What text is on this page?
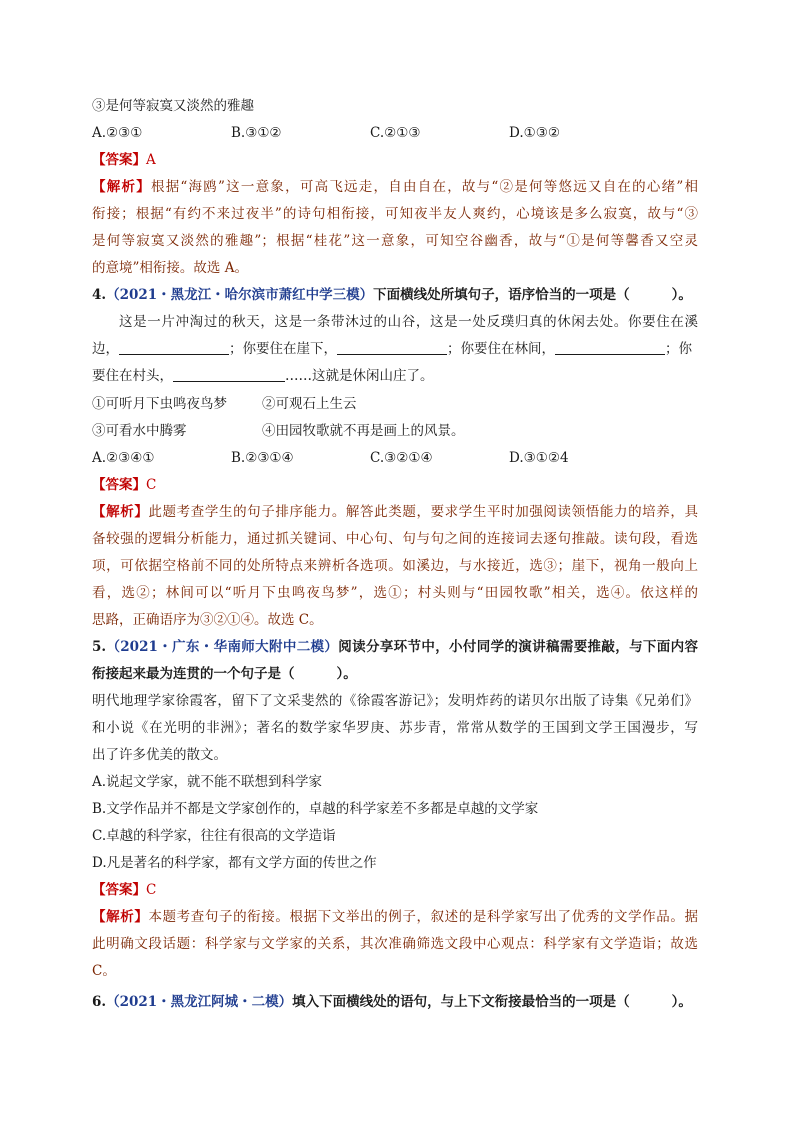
③是何等寂寞又淡然的雅趣
A.②③①	B.③①②	C.②①③	D.①③②
【答案】A
【解析】根据“海鸥”这一意象，可高飞远走，自由自在，故与“②是何等悠远又自在的心绪”相
衔接；根据“有约不来过夜半”的诗句相衔接，可知夜半友人爽约，心境该是多么寂寞，故与“③
是何等寂寞又淡然的雅趣”；根据“桂花”这一意象，可知空谷幽香，故与“①是何等馨香又空灵
的意境”相衔接。故选 A。
4.（2021・黑龙江・哈尔滨市萧红中学三模）下面横线处所填句子，语序恰当的一项是（	）。
这是一片冲淘过的秋天，这是一条带沐过的山谷，这是一处反璞归真的休闲去处。你要住在溪
边，	；你要住在崖下，	；你要住在林间，	；你
要住在村头，	……这就是休闲山庄了。
①可听月下虫鸣夜鸟梦	②可观石上生云
③可看水中腾雾	④田园牧歌就不再是画上的风景。
A.②③④①	B.②③①④	C.③②①④	D.③①②4
【答案】C
【解析】此题考查学生的句子排序能力。解答此类题，要求学生平时加强阅读领悟能力的培养，具
备较强的逻辑分析能力，通过抓关键词、中心句、句与句之间的连接词去逐句推敲。读句段，看选
项，可依据空格前不同的处所特点来辨析各选项。如溪边，与水接近，选③；崖下，视角一般向上
看，选②；林间可以“听月下虫鸣夜鸟梦”，选①；村头则与“田园牧歌”相关，选④。依这样的
思路，正确语序为③②①④。故选 C。
5.（2021・广东・华南师大附中二模）阅读分享环节中，小付同学的演讲稿需要推敲，与下面内容
衔接起来最为连贯的一个句子是（	）。
明代地理学家徐霞客，留下了文采斐然的《徐霞客游记》；发明炸药的诺贝尔出版了诗集《兄弟们》
和小说《在光明的非洲》；著名的数学家华罗庚、苏步青，常常从数学的王国到文学王国漫步，写
出了许多优美的散文。
A.说起文学家，就不能不联想到科学家
B.文学作品并不都是文学家创作的，卓越的科学家差不多都是卓越的文学家
C.卓越的科学家，往往有很高的文学造诣
D.凡是著名的科学家，都有文学方面的传世之作
【答案】C
【解析】本题考查句子的衔接。根据下文举出的例子，叙述的是科学家写出了优秀的文学作品。据
此明确文段话题：科学家与文学家的关系，其次准确筛选文段中心观点：科学家有文学造诣；故选
C。
6.（2021・黑龙江阿城・二模）填入下面横线处的语句，与上下文衔接最恰当的一项是（	）。
